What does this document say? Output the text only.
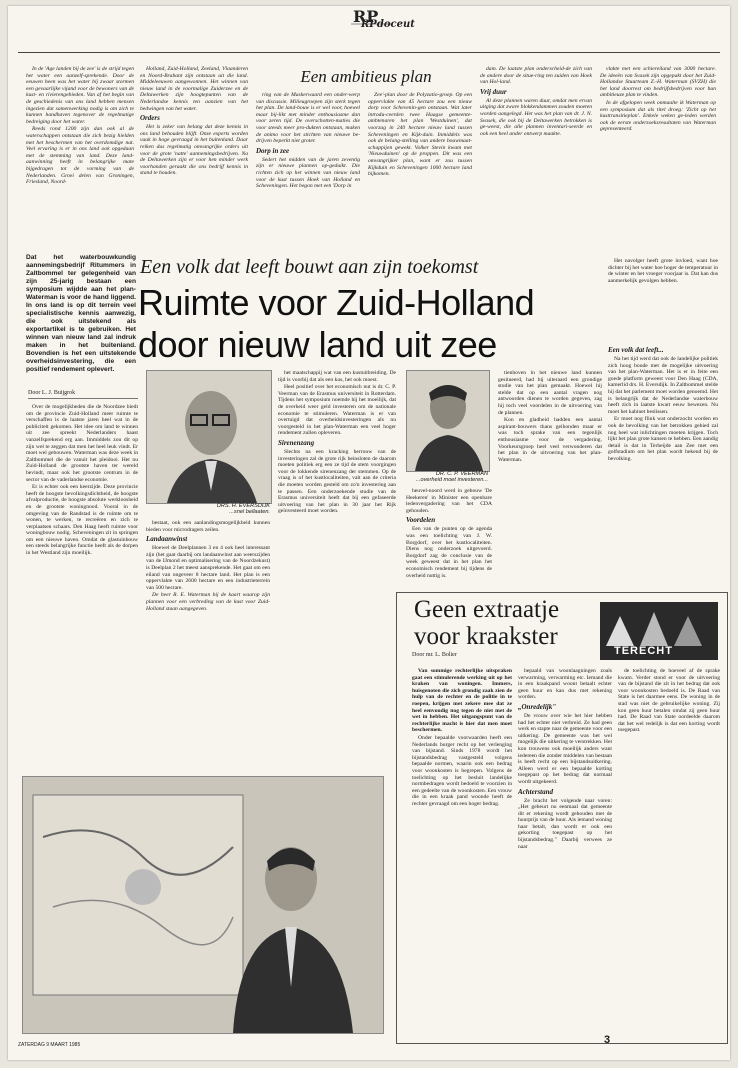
RP
RPdoceut

In de 'Age landen bij de zee' is de strijd tegen het water een aanzelf-sprekende. Door de eeuwen heen was het water bij zwaar stormen een gevaarlijke vijand voor de bewoners van de kust- en rivierengebieden. Van af het begin van de geschiedenis van ons land hebben mensen ingezien dat samenwerking nodig is om zich te kunnen handhaven tegenover de regelmatige bedreiging door het water.

Reeds rond 1200 zijn dan ook al de waterschappen ontstaan die zich bezig hielden met het beschermen van het overdomdige nat. Veel ervaring is er in ons land ook opgedaan met de stemming van land. Deze land-aanwinning heeft in belangrijke mate bijgedragen tot de vorming van de Nederlanden. Groei delen van Groningen, Friesland, Noord-

Holland, Zuid-Holland, Zeeland, Vlaanderen en Noord-Brabant zijn ontstaan uit die land. Middeleeuwen aangewonnen. Het winnen van nieuw land in de voormalige Zuiderzee en de Deltawerken zijn hoogtepunten van de Nederlandse kennis ten aanzien van het bedwingen van het water.

Orders

Het is zeker van belang dat deze kennis in ons land behouden blijft. Onze experts worden vaak in hoge gevraagd in het buitenland. Daar reiken dus regelmatig omvangrijke orders uit voor de grote 'natte' aannemingsbedrijven. Na de Deltawerken zijn er voor hen minder werk voorhanden geraakt die ons bedrijf kennis in stand te houden.

Een ambitieus plan

ring van de Maskerwaard een onder-werp van discussie. Milieugroepen zijn sterk tegen het plan. De land-bouw is er wel voor, hoewel maar bij-likt met minder enthousiasme dan voor zeren tijd. De overschotten-maties die voor steeds meer pro-dukten ontstaan, maken de animo voor het stichten van nieuwe be-drijven beperkt niet groter.

Dorp in zee

Sedert het midden van de jaren zeventig zijn er nieuwe plannen op-geduikt. Die richten zich op het winnen van nieuw land voor de kust tussen Hoek van Holland en Scheveningen. Het begon met een 'Dorp in

Zee'-plan door de Polyzatio-groep. Op een oppervlakte van 45 hectare zou een nieuw dorp voor Schevenin-gen ontstaan. Wat later introdu-ceerden twee Haagse gemeente-ambtenaren het plan 'Westduinen', dat voorzag in 240 hectare nieuw land tussen Scheveningen en Kijk-duin. Inmiddels was ook de belang-stelling van andere bouwmaat-schappijen gewekt. Volker Stevin kwam met 'Nieuwduinen' op de proppen. Dit was een omvangrijker plan, want er zou tussen Kijkduin en Scheveningen 1000 hectare land bijkomen.

dam. De laatste plan onderscheid-de zich van de andere door de situe-ring ten zuiden van Hoek van Hol-land.

Vrij duur

Al deze plannen waren duur, omdat men ervan uitging dat zware blokkendammen zouden moeten worden aangelegd. Het was het plan van dr. J. N. Svasek, die ook bij de Deltawerken betrokken is ge-weest, die alle plannen inventari-seerde en ook een heel ander ontwerp maakte.

vlakte met een schiereiland van 3000 hectare. De ideeën van Svasek zijn opgepakt door het Zuid-Hollandse Stuurteam Z.-H. Waterman (SVZH) die het land doorrest om bedrijfsbedrijven voor hun ambitieuze plan te vinden.

In de afgelopen week onmaalte ik Waterman op een symposium dat als titel droeg: 'Zicht op het kusttransitieplan'. Enkele weken ge-leden werden ook de eerste onderzoeksresultaten van Waterman gepresenteerd.

Dat het waterbouwkundig aannemingsbedrijf Ritummers in Zaltbommel ter gelegenheid van zijn 25-jarig bestaan een symposium wijdde aan het plan-Waterman is voor de hand liggend. In ons land is op dit terrein veel specialistische kennis aanwezig, die ook uitstekend als exportartikel is te gebruiken. Het winnen van nieuw land zal indruk maken in het buitenland. Bovendien is het een uitstekende overheidsinvestering, die een positief rendement oplevert.
Een volk dat leeft bouwt aan zijn toekomst
Ruimte voor Zuid-Holland
door nieuw land uit zee

Het navolger heeft grote invloed, want hoe dichter bij het water hoe hoger de temperatuur in de winter en het vroeger voorjaar is. Dat kan dus aanmerkelijk gevolgen hebben.

Door L. J. Buijgrok

Over de mogelijkheden die de Noordzee biedt om de provincie Zuid-Holland meer ruimte te verschaffen is de laatste jaren heel wat in de publiciteit gekomen. Het idee om land te winnen uit zee spreekt Nederlanders haast vanzelfsprekend erg aan. Immiddels zou dit op zijn wel te zeggen dat men het heel leuk vindt. Er moet wel gebouwen. Waterman was deze week in Zaltbommel die de vanuit het pleidooi. Het nu Zuid-Holland de grootste haven ter wereld bevindt, maar ook het grootste centrum in de sector van de vaderlandse economie.

Er is echter ook een keerzijde. Deze provincie heeft de hoogste bevolkingsdichtheid, de hoogste afvalproductie, de hoogste absolute werkloosheid en de grootste woningnood. Vooral in de omgeving van de Randstad is de ruimte om te wonen, te werken, te recreëren en zich te verplaatsen schaars. Den Haag heeft ruimte voor woningbouw nodig. Scheveningen zit in springen om een nieuwe haven. Omdat de glastuinbouw een steeds belangrijke functie heeft als de dorpen in het Westland zijn moeilijk.

DRS. H. EVERSDIJK
...snel bellaaten.

bestaat, ook een aanlandingsmogelijkheid kunnen bieden voor microdragers zeilen.

Landaanwinst

Hoewel de Deelplannen 3 en 4 ook heel interessant zijn (het gaat daarbij om landaanwinst aan weerszijden van de IJmond en optimalisering van de Noordzekust) is Deelplan 2 het meest aansprekende. Het gaat om een eiland van ongeveer 8 hectare land. Het plan is een oppervlakte van 2600 hectare en een industrieterrein van 500 hectare.

De heer R. E. Waterman bij de kaart waarop zijn plannen voor een verbreding van de kust voor Zuid-Holland staan aangegeven.

het maatschappij wat van een kustuitbreiding. De tijd is voorbij dat als een kus, het ook moest.

Heel positief over het economisch nut is dr. C. P. Veerman van de Erasmus universiteit in Rotterdam. Tijdens het symposium noemde hij het moeilijk, dat de overheid weer geld investeren om de nationale economie te stimuleren. Waterman is er van overtuigd dat overheidsinvesteringen als nu voorgesteld in het plan-Waterman een veel hoger rendement zullen opleveren.

Sirenenzang

Slechts na een kracking herrouw van de investeringen zal de grote rijk beinsloten de daarom moeten politiek erg een ze tijd de stem voorgingen voor de lokkende sirenenzang der stemmen. Op de vraag is of het kustlocaliteiten, valt aan de criteria die moeten worden gesteld om zo'n investering aan te passen. Een onderzoekende studie van de Erasmus universiteit heeft dat bij een gefaseerde uitvoering van het plan in 30 jaar het Rijk geïnvesteerd moet worden.

DR. C. P. VEERMAN
...overheid moet investeren...

heuvel-noord werd in gebouw 'De Heekeren' in Minister een openbare ledenvergadering van het CDA gehouden.

Voordelen

Een van de punten op de agenda was een toelichting van J. W. Borgdorf, over het kustlocaliteiten. Diens nog onderzoek uitgevoerd. Borgdorf zag de conclusie van de week geweest dat in het plan het economisch rendement bij tijdens de overheid nuttig is.

tienhoven in het nieuwe land kunnen gesitueerd, had hij uiteraard een grondige studie van het plan gemaakt. Hoewel hij stelde dat op een aantal vragen nog antwoorden dienen te worden gegeven, zag hij toch veel voordelen in de uitvoering van de plannen.

Kon en gladheid hadden een aantal aspirant-bouwers thans geihonden maar er was toch sprake van een tegenlijk enthousiasme voor de vergadering. Voorkeursgroep heel veel verwonderen dat het plan in de uitvoering van het plan-Waterman.

Een volk dat leeft...

Na het tijd werd dat ook de landelijke politiek zich hoog boude met de mogelijke uitvoering van het plan-Waterman. Het is er in feite een goede platform geweest voor Den Haag (CDA, kamerlid drs. H. Eversdijk. In Zaltbommel stelde hij dat het parlement moet worden genoemd. Het is belangrijk dat de Nederlandse waterbouw heeft zich in laatste kwart eeuw bewezen. Nu moet het kabinet beslissen.

Er moet nog flink wat onderzocht worden en ook de bevolking van het betrokken gebied zal nog heel wat inlichtingen moeten krijgen. Toch lijkt het plan grote kansen te hebben. Een aandig detail is dat in Terheijde aan Zee met een golfstadium om het plan wordt bekend bij de bevolking.

Geen extraatje voor kraakster
Door mr. L. Bolier	TERECHT

Van sommige rechterlijke uitspraken gaat een stimulerende werking uit op het kraken van woningen. Immers, huisgenoten die zich grondig zaak zien de hulp van de rechter en de politie in te roepen, krijgen met zekere mee dat ze heel eenvoudig nog tegen de niet met de wet in hebben. Het uitgangspunt van de rechterlijke macht is hier dat men moet beschermen.

Onder bepaalde voorwaarden heeft een Nederlands burger recht op het verlenging van bijstand. Sinds 1978 wordt het bijstandsbedrag vastgesteld volgens bepaalde normen, waarin ook een bedrag voor woonkosten is begrepen. Volgens de toelichting op het besluit landelijke normbedragen wordt bedoeld te voorzien in een gedeelte van de woonkosten. Een vrouw die in een kraak pand woonde heeft de rechter gevraagd om een hoger bedrag.

bepaald van woonlaagningen zoals verwarming, verwarming etc. Iemand die in een kraakpand woont betaalt echter geen huur en kan dus met rekening worden.

„Onredelijk"

De vrouw over wie het hier hebben had het echter niet verbreid. Ze had geen werk en stapte naar de gemeente voor een uitkering. De gemeente was het wel mogelijk die uitkering te verstrekken. Het kon trouwens ook moeilijk anders want iedereen die zonder middelen van bestaan is heeft recht op een bijstandsuitkering. Alleen werd er een bepaalde korting toegepast op het bedrag dat normaal wordt uitgekeerd.

Achterstand

Ze bracht het volgende naar voren: „Het gebeurt nu eenmaal dat gemeente dit er rekening wordt gehouden met de huurprijs van de huur. Als iemand woning haar betalt, dan wordt er ook een gekorting toegepast op het bijstandsbedrag." Daarbij verwees ze naar

de toelichting de hoeveel af de sprake kwam. Verder stond er voor de uitvoering van de bijstand die zit in het bedrag dat ook voor woonkosten bedoeld is. De Raad van State is het daarmee eens. De woning in de stad was niet de gebruikelijke woning. Zij kon geen huur betalen omdat zij geen huur had. De Raad van State oordeelde daarom dat het wel redelijk is dat een korting wordt toegepast.

ZATERDAG 9 MAART 1985	3
